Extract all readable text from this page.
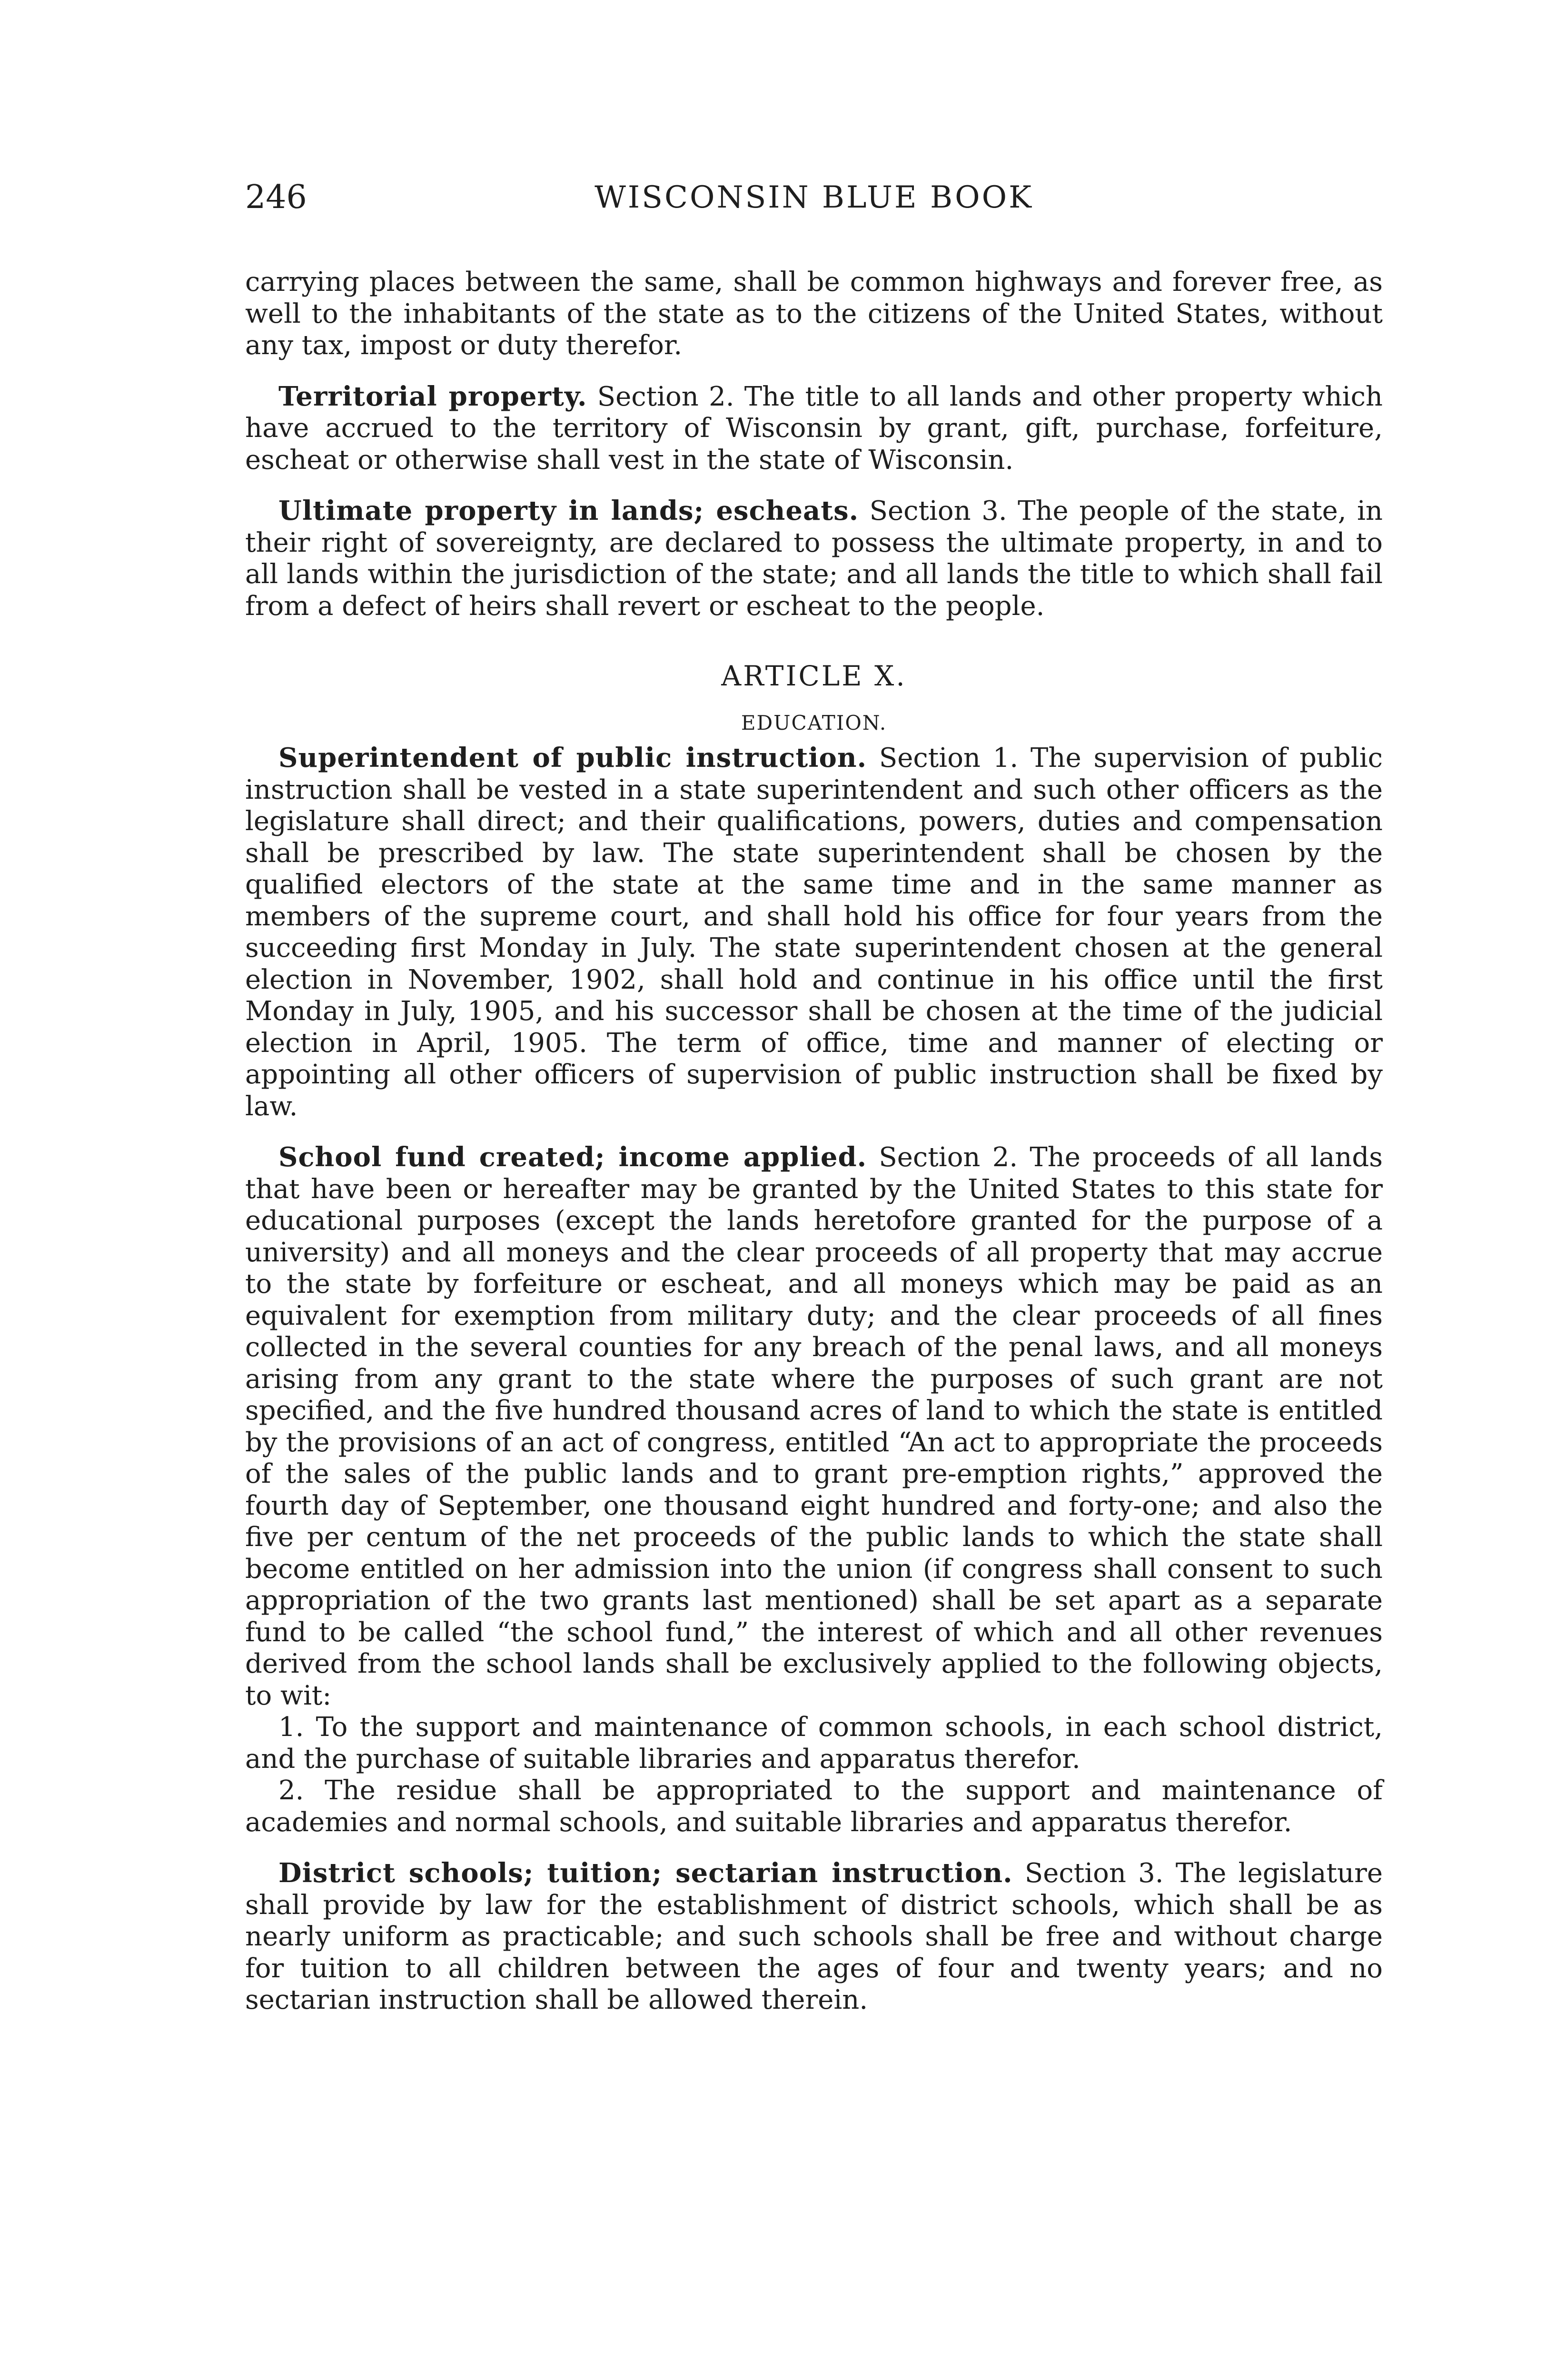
246	WISCONSIN BLUE BOOK

carrying places between the same, shall be common highways and forever free, as well to the inhabitants of the state as to the citizens of the United States, without any tax, impost or duty therefor.

Territorial property. Section 2. The title to all lands and other property which have accrued to the territory of Wisconsin by grant, gift, purchase, forfeiture, escheat or otherwise shall vest in the state of Wisconsin.

Ultimate property in lands; escheats. Section 3. The people of the state, in their right of sovereignty, are declared to possess the ultimate property, in and to all lands within the jurisdiction of the state; and all lands the title to which shall fail from a defect of heirs shall revert or escheat to the people.

ARTICLE X.
EDUCATION.

Superintendent of public instruction. Section 1. The supervision of public instruction shall be vested in a state superintendent and such other officers as the legislature shall direct; and their qualifications, powers, duties and compensation shall be prescribed by law. The state superintendent shall be chosen by the qualified electors of the state at the same time and in the same manner as members of the supreme court, and shall hold his office for four years from the succeeding first Monday in July. The state superintendent chosen at the general election in November, 1902, shall hold and continue in his office until the first Monday in July, 1905, and his successor shall be chosen at the time of the judicial election in April, 1905. The term of office, time and manner of electing or appointing all other officers of supervision of public instruction shall be fixed by law.

School fund created; income applied. Section 2. The proceeds of all lands that have been or hereafter may be granted by the United States to this state for educational purposes (except the lands heretofore granted for the purpose of a university) and all moneys and the clear proceeds of all property that may accrue to the state by forfeiture or escheat, and all moneys which may be paid as an equivalent for exemption from military duty; and the clear proceeds of all fines collected in the several counties for any breach of the penal laws, and all moneys arising from any grant to the state where the purposes of such grant are not specified, and the five hundred thousand acres of land to which the state is entitled by the provisions of an act of congress, entitled “An act to appropriate the proceeds of the sales of the public lands and to grant pre-emption rights,” approved the fourth day of September, one thousand eight hundred and forty-one; and also the five per centum of the net proceeds of the public lands to which the state shall become entitled on her admission into the union (if congress shall consent to such appropriation of the two grants last mentioned) shall be set apart as a separate fund to be called “the school fund,” the interest of which and all other revenues derived from the school lands shall be exclusively applied to the following objects, to wit:

1. To the support and maintenance of common schools, in each school district, and the purchase of suitable libraries and apparatus therefor.

2. The residue shall be appropriated to the support and maintenance of academies and normal schools, and suitable libraries and apparatus therefor.

District schools; tuition; sectarian instruction. Section 3. The legislature shall provide by law for the establishment of district schools, which shall be as nearly uniform as practicable; and such schools shall be free and without charge for tuition to all children between the ages of four and twenty years; and no sectarian instruction shall be allowed therein.
